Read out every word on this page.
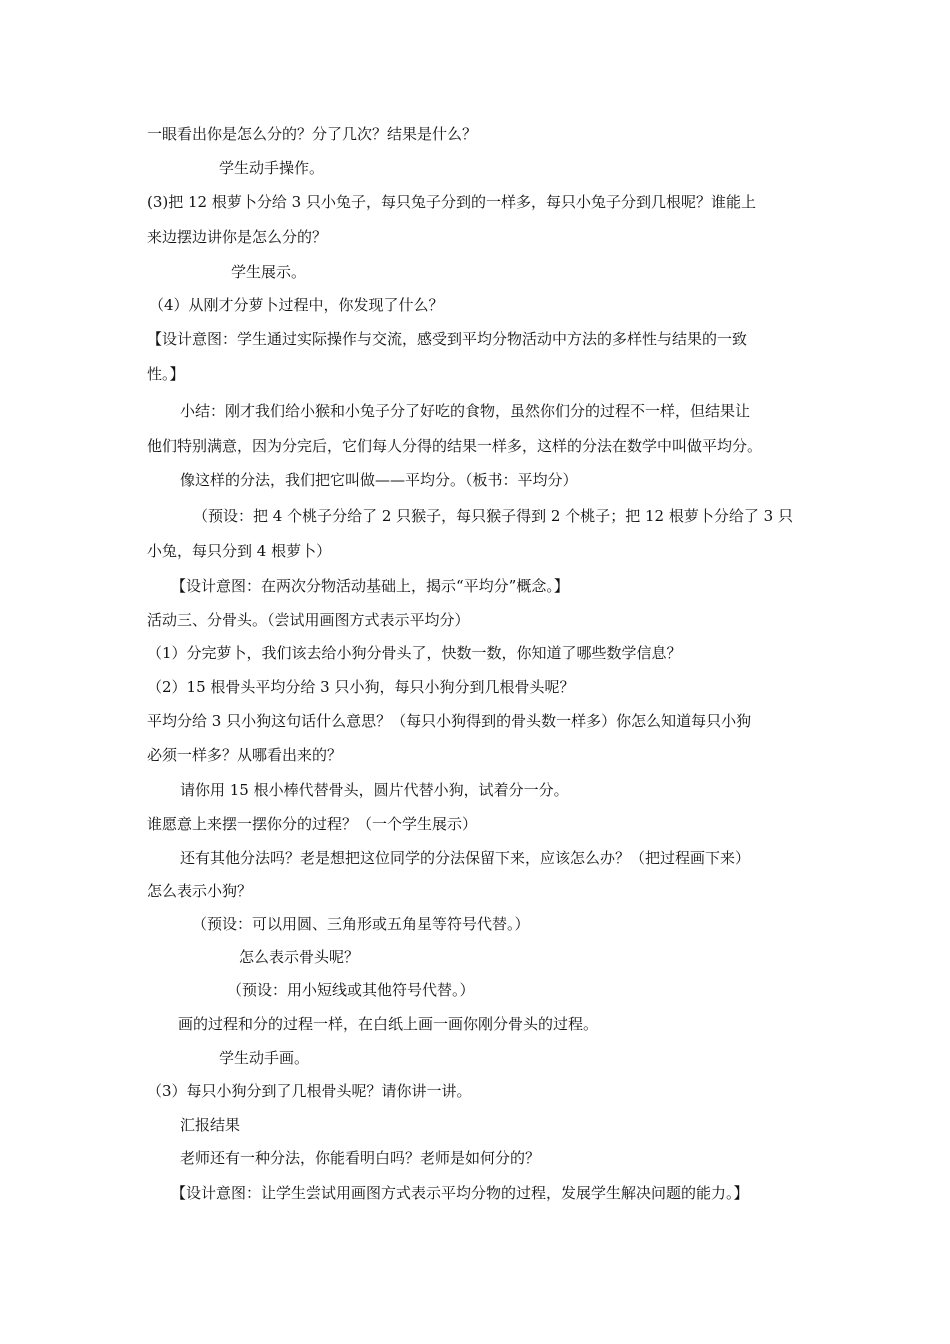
一眼看出你是怎么分的？分了几次？结果是什么？
学生动手操作。
(3)把 12 根萝卜分给 3 只小兔子，每只兔子分到的一样多，每只小兔子分到几根呢？谁能上
来边摆边讲你是怎么分的？
学生展示。
（4）从刚才分萝卜过程中，你发现了什么？
【设计意图：学生通过实际操作与交流，感受到平均分物活动中方法的多样性与结果的一致
性。】
小结：刚才我们给小猴和小兔子分了好吃的食物，虽然你们分的过程不一样，但结果让
他们特别满意，因为分完后，它们每人分得的结果一样多，这样的分法在数学中叫做平均分。
像这样的分法，我们把它叫做——平均分。（板书：平均分）
（预设：把 4 个桃子分给了 2 只猴子，每只猴子得到 2 个桃子；把 12 根萝卜分给了 3 只
小兔，每只分到 4 根萝卜）
【设计意图：在两次分物活动基础上，揭示“平均分”概念。】
活动三、分骨头。（尝试用画图方式表示平均分）
（1）分完萝卜，我们该去给小狗分骨头了，快数一数，你知道了哪些数学信息？
（2）15 根骨头平均分给 3 只小狗，每只小狗分到几根骨头呢？
平均分给 3 只小狗这句话什么意思？（每只小狗得到的骨头数一样多）你怎么知道每只小狗
必须一样多？从哪看出来的？
请你用 15 根小棒代替骨头，圆片代替小狗，试着分一分。
谁愿意上来摆一摆你分的过程？（一个学生展示）
还有其他分法吗？老是想把这位同学的分法保留下来，应该怎么办？（把过程画下来）
怎么表示小狗？
（预设：可以用圆、三角形或五角星等符号代替。）
怎么表示骨头呢？
（预设：用小短线或其他符号代替。）
画的过程和分的过程一样，在白纸上画一画你刚分骨头的过程。
学生动手画。
（3）每只小狗分到了几根骨头呢？请你讲一讲。
汇报结果
老师还有一种分法，你能看明白吗？老师是如何分的？
【设计意图：让学生尝试用画图方式表示平均分物的过程，发展学生解决问题的能力。】
